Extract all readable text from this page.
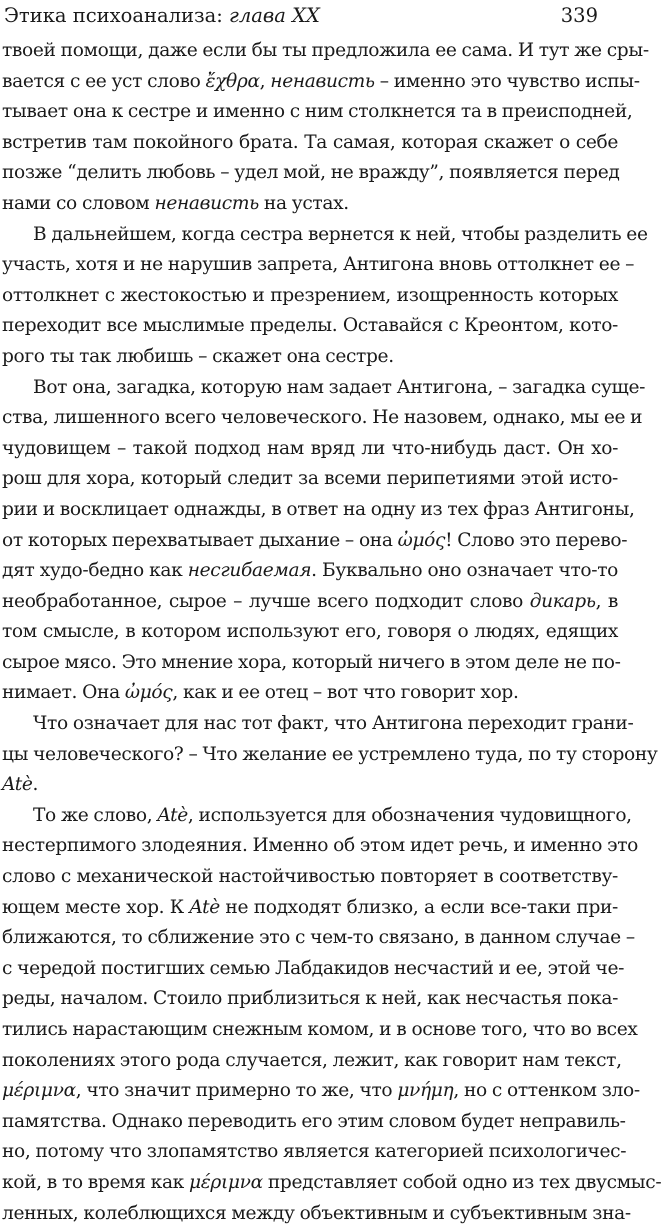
Этика психоанализа: глава XX	339
твоей помощи, даже если бы ты предложила ее сама. И тут же сры-
вается с ее уст слово ἔχθρα, ненависть – именно это чувство испы-
тывает она к сестре и именно с ним столкнется та в преисподней,
встретив там покойного брата. Та самая, которая скажет о себе
позже “делить любовь – удел мой, не вражду”, появляется перед
нами со словом ненависть на устах.
В дальнейшем, когда сестра вернется к ней, чтобы разделить ее
участь, хотя и не нарушив запрета, Антигона вновь оттолкнет ее –
оттолкнет с жестокостью и презрением, изощренность которых
переходит все мыслимые пределы. Оставайся с Креонтом, кото-
рого ты так любишь – скажет она сестре.
Вот она, загадка, которую нам задает Антигона, – загадка суще-
ства, лишенного всего человеческого. Не назовем, однако, мы ее и
чудовищем – такой подход нам вряд ли что-нибудь даст. Он хо-
рош для хора, который следит за всеми перипетиями этой исто-
рии и восклицает однажды, в ответ на одну из тех фраз Антигоны,
от которых перехватывает дыхание – она ὠμός! Слово это перево-
дят худо-бедно как несгибаемая. Буквально оно означает что-то
необработанное, сырое – лучше всего подходит слово дикарь, в
том смысле, в котором используют его, говоря о людях, едящих
сырое мясо. Это мнение хора, который ничего в этом деле не по-
нимает. Она ὠμός, как и ее отец – вот что говорит хор.
Что означает для нас тот факт, что Антигона переходит грани-
цы человеческого? – Что желание ее устремлено туда, по ту сторону
Atè.
То же слово, Atè, используется для обозначения чудовищного,
нестерпимого злодеяния. Именно об этом идет речь, и именно это
слово с механической настойчивостью повторяет в соответству-
ющем месте хор. К Atè не подходят близко, а если все-таки при-
ближаются, то сближение это с чем-то связано, в данном случае –
с чередой постигших семью Лабдакидов несчастий и ее, этой че-
реды, началом. Стоило приблизиться к ней, как несчастья пока-
тились нарастающим снежным комом, и в основе того, что во всех
поколениях этого рода случается, лежит, как говорит нам текст,
μέριμνα, что значит примерно то же, что μνήμη, но с оттенком зло-
памятства. Однако переводить его этим словом будет неправиль-
но, потому что злопамятство является категорией психологичес-
кой, в то время как μέριμνα представляет собой одно из тех двусмыс-
ленных, колеблющихся между объективным и субъективным зна-
